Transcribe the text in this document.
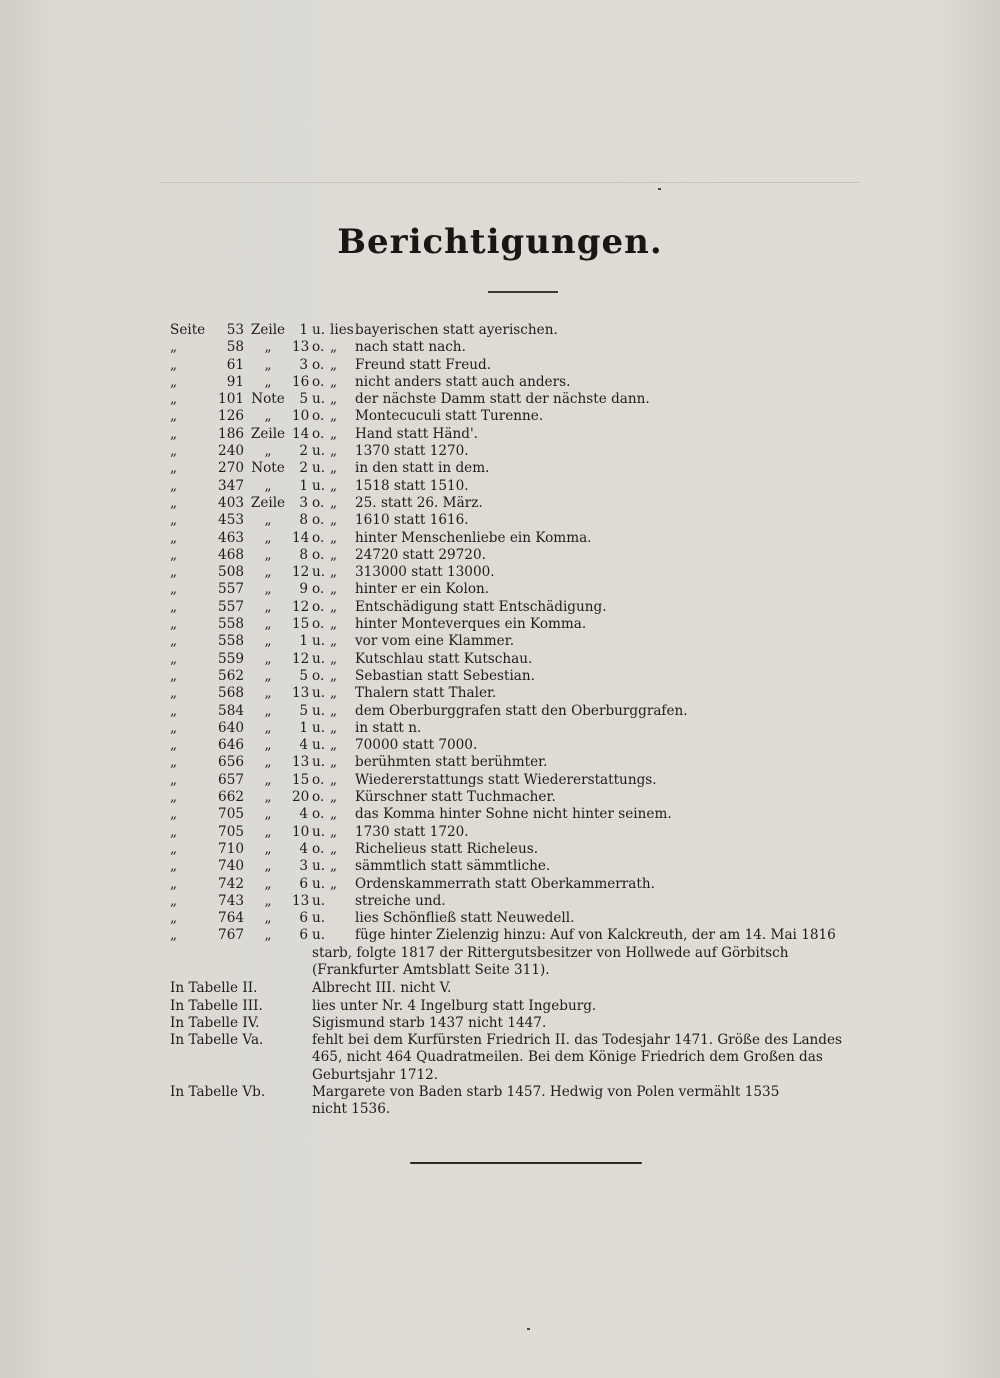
Berichtigungen.
Seite	53 Zeile	1 u. lies bayerischen statt ayerischen.
„	58	„	13 o. „	nach statt nach.
„	61	„	3 o. „	Freund statt Freud.
„	91	„	16 o. „	nicht anders statt auch anders.
„	101 Note	5 u. „	der nächste Damm statt der nächste dann.
„	126	„	10 o. „	Montecuculi statt Turenne.
„	186 Zeile 14 o. „	Hand statt Händ'.
„	240	„	2 u. „	1370 statt 1270.
„	270 Note	2 u. „	in den statt in dem.
„	347	„	1 u. „	1518 statt 1510.
„	403 Zeile	3 o. „	25. statt 26. März.
„	453	„	8 o. „	1610 statt 1616.
„	463	„	14 o. „	hinter Menschenliebe ein Komma.
„	468	„	8 o. „	24720 statt 29720.
„	508	„	12 u. „	313000 statt 13000.
„	557	„	9 o. „	hinter er ein Kolon.
„	557	„	12 o. „	Entschädigung statt Entschädigung.
„	558	„	15 o. „	hinter Monteverques ein Komma.
„	558	„	1 u. „	vor vom eine Klammer.
„	559	„	12 u. „	Kutschlau statt Kutschau.
„	562	„	5 o. „	Sebastian statt Sebestian.
„	568	„	13 u. „	Thalern statt Thaler.
„	584	„	5 u. „	dem Oberburggrafen statt den Oberburggrafen.
„	640	„	1 u. „	in statt n.
„	646	„	4 u. „	70000 statt 7000.
„	656	„	13 u. „	berühmten statt berühmter.
„	657	„	15 o. „	Wiedererstattungs statt Wiedererstattungs.
„	662	„	20 o. „	Kürschner statt Tuchmacher.
„	705	„	4 o. „	das Komma hinter Sohne nicht hinter seinem.
„	705	„	10 u. „	1730 statt 1720.
„	710	„	4 o. „	Richelieus statt Richeleus.
„	740	„	3 u. „	sämmtlich statt sämmtliche.
„	742	„	6 u. „	Ordenskammerrath statt Oberkammerrath.
„	743	„	13 u.	streiche und.
„	764	„	6 u.	lies Schönfließ statt Neuwedell.
„	767	„	6 u.	füge hinter Zielenzig hinzu: Auf von Kalckreuth, der am 14. Mai 1816
starb, folgte 1817 der Rittergutsbesitzer von Hollwede auf Görbitsch
(Frankfurter Amtsblatt Seite 311).
In Tabelle II.	Albrecht III. nicht V.
In Tabelle III.	lies unter Nr. 4 Ingelburg statt Ingeburg.
In Tabelle IV.	Sigismund starb 1437 nicht 1447.
In Tabelle Va.	fehlt bei dem Kurfürsten Friedrich II. das Todesjahr 1471. Größe des Landes
465, nicht 464 Quadratmeilen. Bei dem Könige Friedrich dem Großen das
Geburtsjahr 1712.
In Tabelle Vb.	Margarete von Baden starb 1457. Hedwig von Polen vermählt 1535
nicht 1536.
